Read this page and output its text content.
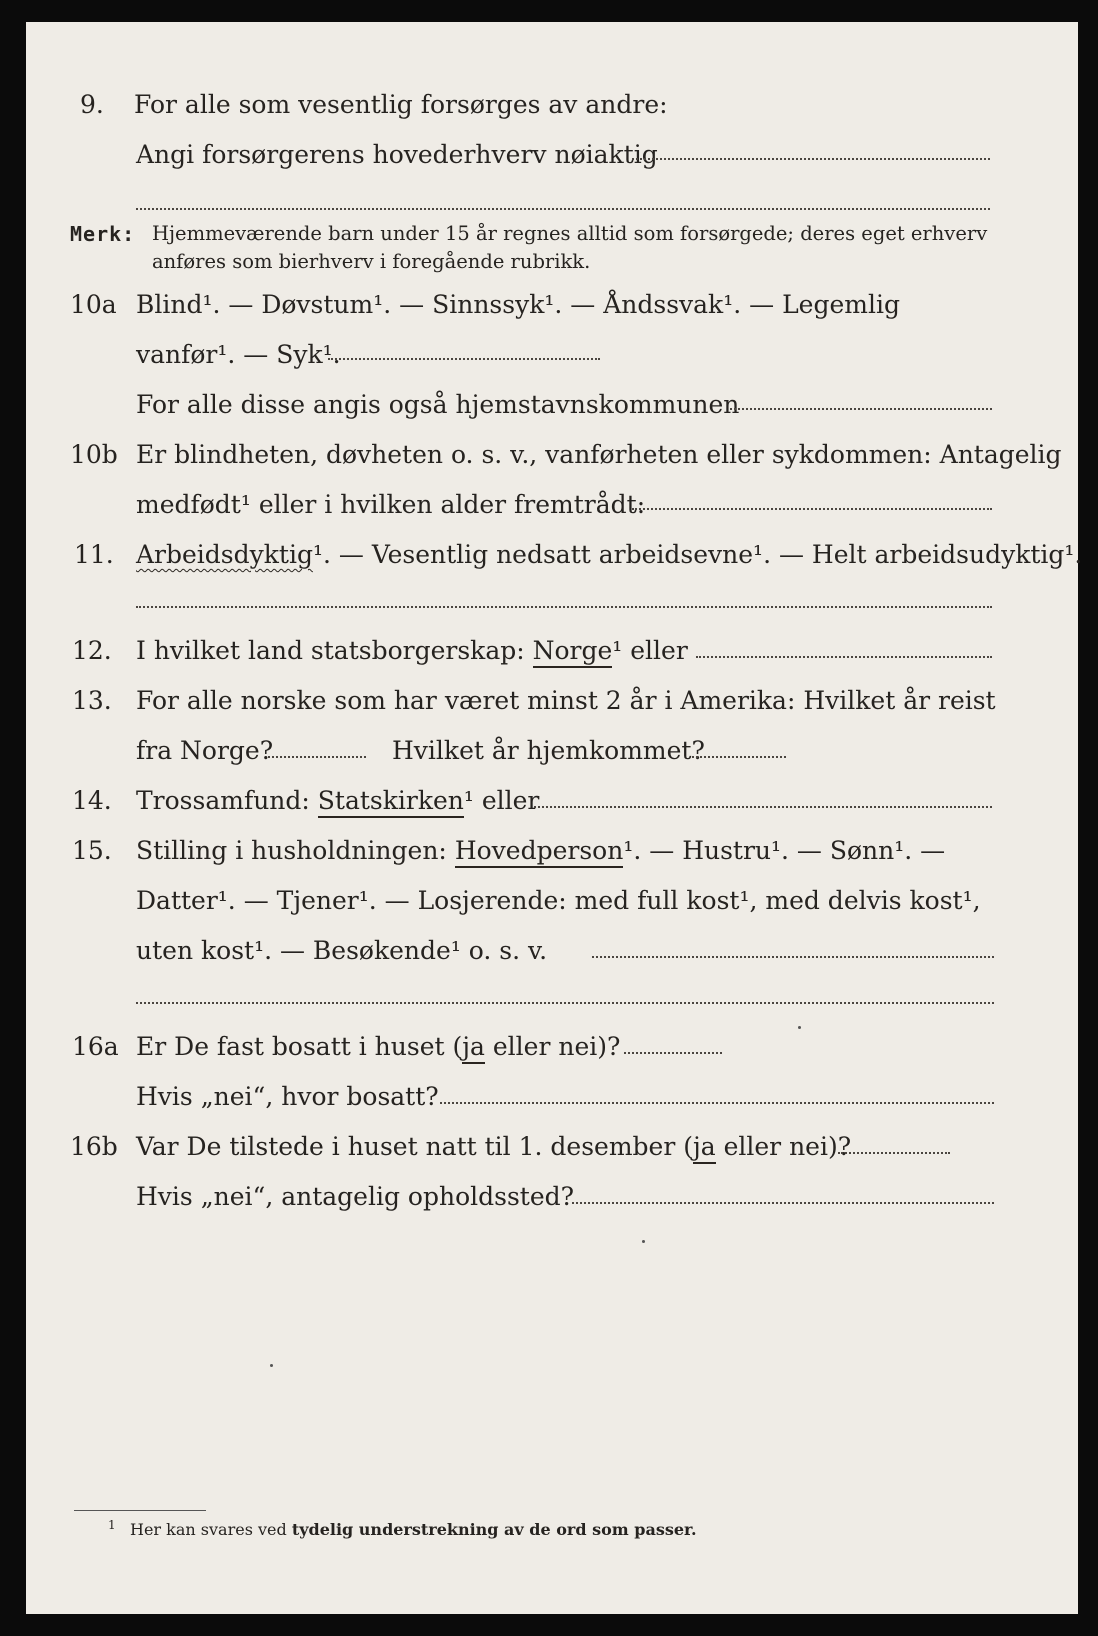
9. For alle som vesentlig forsørges av andre:
Angi forsørgerens hovederhverv nøiaktig
Merk: Hjemmeværende barn under 15 år regnes alltid som forsørgede; deres eget erhverv
anføres som bierhverv i foregående rubrikk.
10a Blind¹. — Døvstum¹. — Sinnssyk¹. — Åndssvak¹. — Legemlig
vanfør¹. — Syk¹.
For alle disse angis også hjemstavnskommunen
10b Er blindheten, døvheten o. s. v., vanførheten eller sykdommen: Antagelig
medfødt¹ eller i hvilken alder fremtrådt:
11. Arbeidsdyktig¹. — Vesentlig nedsatt arbeidsevne¹. — Helt arbeidsudyktig¹.
12. I hvilket land statsborgerskap: Norge¹ eller
13. For alle norske som har været minst 2 år i Amerika: Hvilket år reist
fra Norge?	Hvilket år hjemkommet?
14. Trossamfund: Statskirken¹ eller
15. Stilling i husholdningen: Hovedperson¹. — Hustru¹. — Sønn¹. —
Datter¹. — Tjener¹. — Losjerende: med full kost¹, med delvis kost¹,
uten kost¹. — Besøkende¹ o. s. v.
16a Er De fast bosatt i huset (ja eller nei)?
Hvis „nei“, hvor bosatt?
16b Var De tilstede i huset natt til 1. desember (ja eller nei)?
Hvis „nei“, antagelig opholdssted?
1 Her kan svares ved tydelig understrekning av de ord som passer.
